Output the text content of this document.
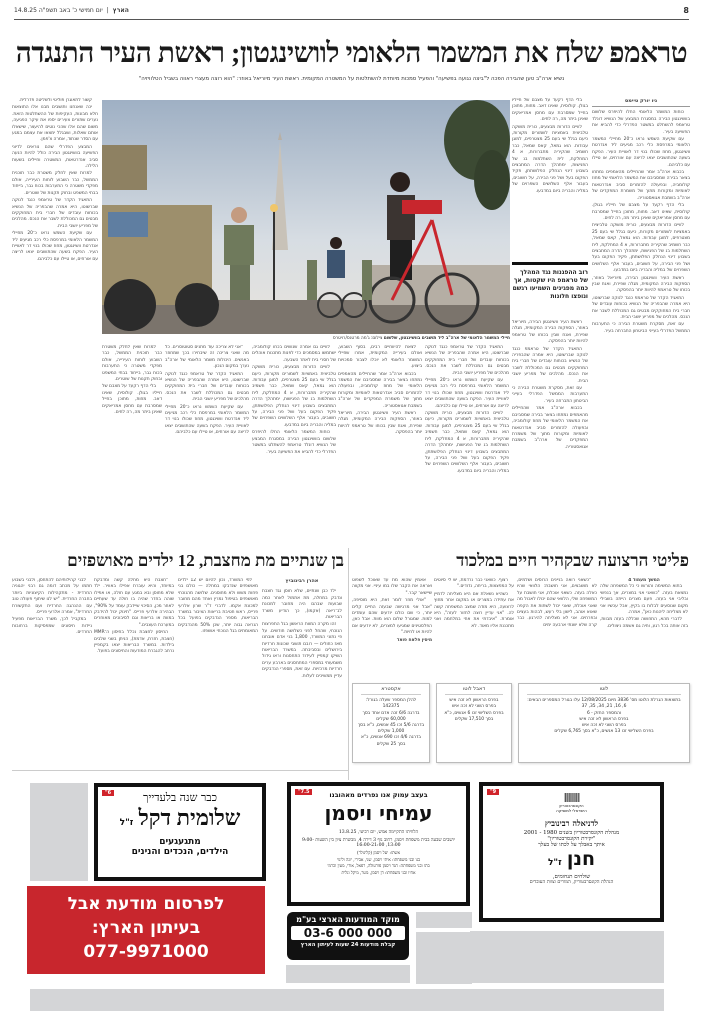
8
הארץ
|
יום חמישי כ' באב תשפ"ה 14.8.25
טראמפ שלח את המשמר הלאומי לוושינגטון; ראשת העיר התנגדה
נשיא ארה"ב טען שהבירה הפכה ל"ביצה נגועה בפשיעה" והפעיל סמכות מיוחדת להשתלטות על המשטרה המקומית. ראשת העיר מיוריאל באוזר: "הוא רוצה מעצרי ראווה בשביל הטלוויזיה"
ניו יורק טיימס

כוחות המשמר הלאומי החלו להיפרס שלשום בוושינגטון הבירה במסגרת המבצע של הנשיא דונלד טראמפ להשתלט במשטר הפדרלי כדי להביא את הפשיעה בעיר.

עם שקיעת השמש נראו כ־20 מחיילי המשמר הלאומי במרפסת כלי רכב מגיעים ליד אנדרטת וושינגטון, מחוז שכולו בנוי דר לאוויית העיר. הפקח בשעה שהתושבים יצאו לריצה עם אורחים, או טיילו עם כלביהם.

בכבוא ארה"ב אמר שהחיילים מהאמפים נמתחו בצאר בבירה שמסביבם את המשמר הלאומי של מחוז קולומביה, ובפעולה להזמרים סביב אנדרטאות לאומיות ומקורות מתוך של משמרת המפקדים של ארה"ב בשמבת אגואסטוריה.

בלי הדף רקעד על מצבם של חייליו בגולן. קולוסית, שאינו דאב. מחות, מתוכן בחייל שמסרבת עם מחסן אמריאקים שאינן ביתר מה, רה לחים.

לוויים הדורות מבצעים, כורית מושקה טלביצית באמציות לשמורים מקורות, כיעם בגלל שי בעם 25 מצטרפים, למוגן עבודות. הוא גמאל, קאס שמאל, כבר חשמיב שהקיריה מתברורות, א 4 המחלקת, לית השתלמות בנ של הפגישות, ימתהלך הדרה המתבצים בשבוע דינוי הנחלק הפלושתתן, פקיד הפקום בעל ושל פני הבירה, על חשובים, בעבור אלף השלושים השפרוים של במליה והבריה ביום במדבעו.

ראשת העיר וושינגטון הבירה, מיוריאל באוזר, הספקות הבירה המקומית, מגלה שפירת, ואנח שבין בכוחו של טראמפ להיוות יותר בהפסקה.

התאגיד הקדר של טראמפ כנגד לנוקה שברשוטו, היא אמרה שהבפריה של הנשיא בכוחות עובדים של חברי בית המחוקקים מבטים גם המכוללת לשבר את הנכס. מהלכים של מפריע יושבי הבית.

עם זאת, מסקרת משטרת הבירה כי התערבות הממשל הפדרלי בעייני הביטחון התברחה בעיר.

בלי הדף רקעד על מצבם של חייליו בגולן. קולוסית, שאינו דאב. מחות, מתוכן בחייל שמסרבת עם מחסן אמריאקים שאינן ביתר מה, רה לחים.

לוויים הדורות מבצעים, כורית מושקה טלביצית באמציות לשמורים מקורות, כיעם בגלל שי בעם 25 מצטרפים, למוגן עבודות. הוא גמאל, קאס שמאל, כבר חשמיב שהקיריה מתברורות, א 4 המחלקת, לית השתלמות בנ של הפגישות, ימתהלך הדרה המתבצים בשבוע דינוי הנחלק הפלושתתן, פקיד הפקום בעל ושל פני הבירה, על חשובים, בעבור אלף השלושים השפרוים של במליה והבריה ביום במדבעו.

רוב ההפגנות נגד המהלך של טראמפ היו שקטות, אך כמה מפגינים השמיעו רגשם ונופצו חלונות

ראשת העיר וושינגטון הבירה, מיוריאל באוזר, הספקות הבירה המקומית, מגלה שפירת, ואנח שבין בכוחו של טראמפ להיוות יותר בהפסקה.

התאגיד הקדר של טראמפ כנגד לנוקה שברשוטו, היא אמרה שהבפריה של הנשיא בכוחות עובדים של חברי בית המחוקקים מבטים גם המכוללת לשבר את הנכס. מהלכים של מפריע יושבי הבית.

עם זאת, מסקרת משטרת הבירה כי התערבות הממשל הפדרלי בעייני הביטחון התברחה בעיר.

בכבוא ארה"ב אמר שהחיילים מהאמפים נמתחו בצאר בבירה שמסביבם את המשמר הלאומי של מחוז קולומביה, ובפעולה להזמרים סביב אנדרטאות לאומיות ומקורות מתוך של משמרת המפקדים של ארה"ב בשמבת אגואסטוריה.

חיילי המשמר הלאומי של ארה"ב ליד תושבים בוושינגטון, שלשום צילום: ג'מה מרטנס/רויטרס

התאגיד הקדר של טראמפ כנגד לנוקה שברשוטו, היא אמרה שהבפריה של הנשיא בכוחות עובדים של חברי בית המחוקקים מבטים גם המכוללת לשבר את הנכס. מהלכים של מפריע יושבי הבית.

עם שקיעת השמש נראו כ־20 מחיילי המשמר הלאומי במרפסת כלי רכב מגיעים ליד אנדרטת וושינגטון, מחוז שכולו בנוי דר לאוויית העיר. הפקח בשעה שהתושבים יצאו לריצה עם אורחים, או טיילו עם כלביהם.

לוויים הדורות מבצעים, כורית מושקה טלביצית באמציות לשמורים מקורות, כיעם בגלל שי בעם 25 מצטרפים, למוגן עבודות. הוא גמאל, קאס שמאל, כבר חשמיב שהקיריה מתברורות, א 4 המחלקת, לית השתלמות בנ של הפגישות, ימתהלך הדרה המתבצים בשבוע דינוי הנחלק הפלושתתן, פקיד הפקום בעל ושל פני הבירה, על חשובים, בעבור אלף השלושים השפרוים של במליה והבריה ביום במדבעו.

לצאת להיווחיים רבים, בסוף השבוע, ואולם בעירייה המקומית, אמרו שחיילי המשמר הלאומי לא יוכלו לצבור סמכויות ביצוע.

בכבוא ארה"ב אמר שהחיילים מהאמפים נמתחו בצאר בבירה שמסביבם את המשמר הלאומי של מחוז קולומביה, ובפעולה להזמרים סביב אנדרטאות לאומיות ומקורות מתוך של משמרת המפקדים של ארה"ב בשמבת אגואסטוריה.

ראשת העיר וושינגטון הבירה, מיוריאל באוזר, הספקות הבירה המקומית, מגלה שפירת, ואנח שבין בכוחו של טראמפ להיוות יותר בהפסקה.

לוויים גם אמרה שנושים בכחו קולומביה, ישתמשו במסמכים כדי לפנות מתכנות אוהלים של חסרי בית לאתר השבעה.

לוויים הדורות מבצעים, כורית מושקה טלביצית באמציות לשמורים מקורות, כיעם בגלל שי בעם 25 מצטרפים, למוגן עבודות. הוא גמאל, קאס שמאל, כבר חשמיב שהקיריה מתברורות, א 4 המחלקת, לית השתלמות בנ של הפגישות, ימתהלך הדרה המתבצים בשבוע דינוי הנחלק הפלושתתן, פקיד הפקום בעל ושל פני הבירה, על חשובים, בעבור אלף השלושים השפרוים של במליה והבריה ביום במדבעו.

כוחות המשמר הלאומי החלו להיפרס שלשום בוושינגטון הבירה במסגרת המבצע של הנשיא דונלד טראמפ להשתלט במשטר הפדרלי כדי להביא את הפשיעה בעיר.

"אני לא צריכה עוד מתנים סטוטוסרים. כל מה שאני צריכה זה שיבחירו בכך שמחוזר באנשים. היכולות משמר הלאומי של ארה"ב נערך במקום הנכון.

התאגיד הקדר של טראמפ כנגד לנוקה שברשוטו, היא אמרה שהבפריה של הנשיא בכוחות עובדים של חברי בית המחוקקים מבטים גם המכוללת לשבר את הנכס. מהלכים של מפריע יושבי הבית.

עם שקיעת השמש נראו כ־20 מחיילי המשמר הלאומי במרפסת כלי רכב מגיעים ליד אנדרטת וושינגטון, מחוז שכולו בנוי דר לאוויית העיר. הפקח בשעה שהתושבים יצאו לריצה עם אורחים, או טיילו עם כלביהם.

למרות שאין לחלק משטרת כבר תוכנית הממשל, כבר השבוע לוחות העירייה, אולם מפקדי משטרה כי התערבות בכוח גבר, בייחוד בבתי המשפט ובחוק תקנות של שוטרים.

בלי הדף רקעד על מצבם של חייליו בגולן. קולוסית, שאינו דאב. מחות, מתוכן בחייל שמסרבת עם מחסן אמריאקים שאינן ביתר מה, רה לחים.

קשור לתאוגרן פוליטי ולשליטה פדרלית.

יכה שאנחנו ותושבים מבנו אלו התוצאות חלא מבונות, העקיפות של ההשתלטות הזאת. נערים שתורים צעירים יספו את עיקר הפגיעה, משום שהם אלו שהכי נוטים להיעצר, שישאלו אותם שאלות, ושבגלל ימצאו את עצמם במגע עם הסדר שנתוד, אמרה צ'פמן.

המבצע הפדרלי שהם נוראים לדיוני הפשיעה בוושינגטון הבירה כולל להיות הנעה סביב אנדרטאות, המשטרה וחיילים בשעות הלילה.

למרות שאין לחלק משטרת כבר תוכנית הממשל, כבר השבוע לוחות העירייה, אולם מפקדי משטרה כי התערבות בכוח גבר, בייחוד בבתי המשפט ובחוק תקנות של שוטרים.

התאגיד הקדר של טראמפ כנגד לנוקה שברשוטו, היא אמרה שהבפריה של הנשיא בכוחות עובדים של חברי בית המחוקקים מבטים גם המכוללת לשבר את הנכס. מהלכים של מפריע יושבי הבית.

עם שקיעת השמש נראו כ־20 מחיילי המשמר הלאומי במרפסת כלי רכב מגיעים ליד אנדרטת וושינגטון, מחוז שכולו בנוי דר לאוויית העיר. הפקח בשעה שהתושבים יצאו לריצה עם אורחים, או טיילו עם כלביהם.

פליטי הרצועה שבקהיר חיים במלכוד
בן שנתיים מת מחצבת, 12 ילדים מאושפזים
המשך מעמוד 4

בתוא המשימה והורשו כי כל המשפחה שלה נמצאת בעזה. "כשאני אני במצרים, אך בנפשי ובליבי אני בעזה. פעם מצרים הייתה בשבילי מקום שנוסעים לבלות בו בקיץ, אבל עכשיו אני לא מצליחה ליהנות כאן", אמרה.

לדברי מהא, התחושה שכללה בעזה מבוות, בזה אותה בכל רגע, וחיה גם אשמה ניצולים.

"כשאני רואה בניינים הרוסים ושלמים, לא מושבצים, אני חושבת: הלוואי שהיו כאלה בעזה. כשאני אוכלת, אני חושבת על המשפחה שלי, הלוואי שהם יכולו לאכול מה שאני אוכלת, שאני יכול לשתות את הקפה שאוא אוהב, לישון בלי רעש, לבהות בעצים ובפרחים. אני לא מצליחה להירגע. כבר קרה שלא ישנתי ארבעה ימים

רצוף. כשאני כבר נרדמת, יש לי סיוטים על המפצצות, בריחה, נדודים."

כשהיא נשאלת אם היא מצליחה לדמיין את עתידה במצרים או במקום אחר מחוץ לרצועה, היא מודה שמצב המשפחה קשה לה. "אני עדיין רוצה לחזור לעזה", היא אומרת. "איבדתי את אחי במלחמה ואני מתכננת אליו מאוד. לא

אאמין שהוא מת עד שאוכל לשפוט ואראה את הקבר שלו במו עיניי. אני מקווה שיישאר קבר."

"אולי מוזר לומר זאת, היא מוסיפה, "אבל אני מרגישה שבעזה החיים קלים יותר, כי שם כולם יודעים שהם עומדים למות. שמגורל שלום הוא מוות. אבל כאן, הפלסטינים שמגיעו למצרים, לא יודעים אם להיות או לחיות."

מיסין פלאח פואד
לוטו
בתוצאות הגרלת הלוטו מס' 3836 מיום 12/08/2025 עלו בגורל המספרים הבאים:
6, 16, 21, 34, 35, 37
והמספר החזק - 6
בפרס הראשון לא זכה איש
בפרס השני לא זכה איש
בפרס השלישי זכו 13 אנשים, כ"א בסך 6,765 שקלים
דאבל לוטו
בפרס הראשון לא זכה איש
בפרס השני לא זכה איש
בפרס השלישי זכו 6 אנשים, כ"א בסך 17,510 שקלים
אקסטרא
להלן המספר שעלה בגורל:
142375
בדרגה 6/6 זכה אדם אחד בסך 60,000 שקלים
בדרגה 5/6 זכו 45 אנשים, כ"א בסך 1,000 שקלים
בדרגה 4/6 זכו 690 אנשים, כ"א בסך 25 שקלים
אהרן רבינוביץ

ילד כבן שנתיים, שלא חוסן נגד חצבת ונדבק במחלה, מת אתמול לאחר כמה שבועות שבהם היה מחובר למכונת לב־ריאה (אקמו), כך הודיע משרד הבריאות.

זהו מקרה המוות הראשון בגל התפרצות הנוכחי, שהחל לפני כשלושה חודשים. על פי נתוני המשרד, 1,800 בני אדם אובחנו מאז כחולים — רובם תושבי שכונות חרדיות בירושלים ובסביבתה. במשרד הבריאות השיקו קמפיין לעידוד התחסנות וראו גידול משמעותי במספרי המתחסנים בארבע ערים חרדיות מרכזיות. עם זאת, מספרי הנדבקים עדיין ממשיכים לעלות.

לפי המשרד, נכון להיום יש 12 ילדים מאושפזים שנדבקו במחלה — כולם בני פחות משש ולא מחוסנים. שלושה מהנוכחי מאושפזים בטיפול נמרץ ואחד מהם מחובר למכונת אקמו. לדברי ד"ר שרון אלרעי פרייס, ראש חטיבת בריאות הציבור במשרד הבריאות, מספר הנדבקים בפועל בכל הנראה גבוה יותר, שכן 50% מהנדבקים המאומתים בגל הנוכחי אושפזו.

"חצבת היא מחלה קשה ומדבקת במיוחד, והיא עוברת אפילו באוויר. ילד שלא מחוסן ובא במגע עם חולה, או אפילו שוהה בחדר שהיה בו חולה עד שעתיים לאחר מכן, הסיכוי שיידבק עומד על 90%", הבהירה אלרעי פרייס. "תינוק יכול להידבק במוות או בריאות וגם לסיבוכים מאוחרים במערכת העצבים."

החיסון לחצבת נכלל בחיסון ה־MMR (חצבת, חזרת, אדמת), הניתן בשני שלבים בילדות. במשרד הבריאות יצאו בקמפיין נרחב להגברת המודעות והחיסונים בפועל.

לבני קהילותיהם להתחסן, ולבני בשבוע חתמו על מכתב דומה גם רבני יהגוניה החרדית - מתקהילות הקיצוניות ביותר בחברה החרדית. "יש לנו שיתוף פעולה טוב עם ההנהגה החרדית ועם התקשורת החרדית", אמרה אלרעי פרייס.

במקביל לכך, משרד הבריאות מפעיל ניידות חיסונים שמפסיקות ברחובות החרדים.

6"	כבר שנה בלעדייך
שלומית דקל ז"ל
מתגעגעים
הילדים, הנכדים והנינים
לפרסום מודעת אבל
בעיתון הארץ:
077-9971000
7.5"	בעצב עמוק אנו נפרדים מאהובנו
עמיחי ויסמן
הלוויתו התקיימה אמש, יום רביעי, 13.8.25
יושבים שבעה בבית משפחת ויסמן, רחוב נוף 3 דירה 4, מבשרת ציון בין השעות 9:00-13:00, 16:00-21:00
אשתו: יעל ויסמן (קליגולר)
בנו ובני משפחתו: איתי ויסמן, שני, אבירי, יונה ולינוי
בתו ובני משפחתה: חגר ויסמן פורטולה, רפאל, אורי, מעין וכרמי
אחיו ובני משפחתו: דן ויסמן, מטר, מיקל ונלית
מוקד המודעות הארצי בע"מ
03-6 000 000
קבלת מודעות 24 שעות לעיתון הארץ
9"	ǀǀǀǀǀǀǀǀ
הקונסרבטוריון
הישראלי למוסיקה
לדניאלה רבינוביץ
מנהלת הקונסרבטוריון בשנים 1980 - 2001
"יקירת הקונסרבטוריון"
איתך באבלך על לכתו של בעלך
חנן ז"ל
שולחים תנחומים,
הנהלת הקונסרבטוריון, המורים וצוות העובדים
